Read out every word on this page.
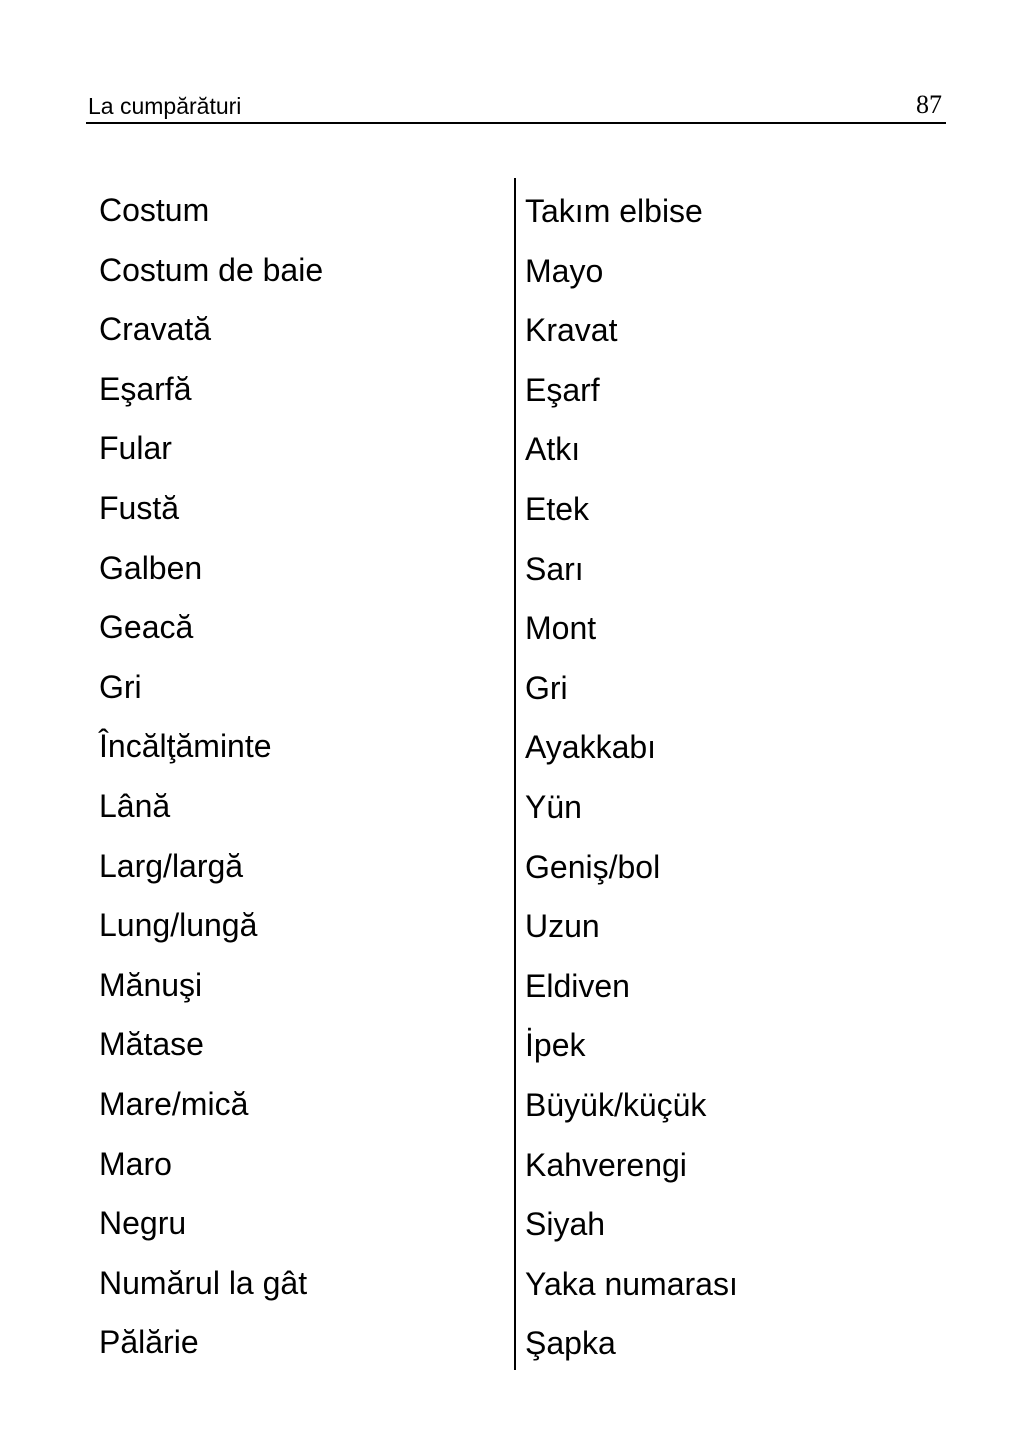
La cumpărături	87
Costum
Costum de baie
Cravată
Eşarfă
Fular
Fustă
Galben
Geacă
Gri
Încălţăminte
Lână
Larg/largă
Lung/lungă
Mănuşi
Mătase
Mare/mică
Maro
Negru
Numărul la gât
Pălărie
Takım elbise
Mayo
Kravat
Eşarf
Atkı
Etek
Sarı
Mont
Gri
Ayakkabı
Yün
Geniş/bol
Uzun
Eldiven
İpek
Büyük/küçük
Kahverengi
Siyah
Yaka numarası
Şapka
